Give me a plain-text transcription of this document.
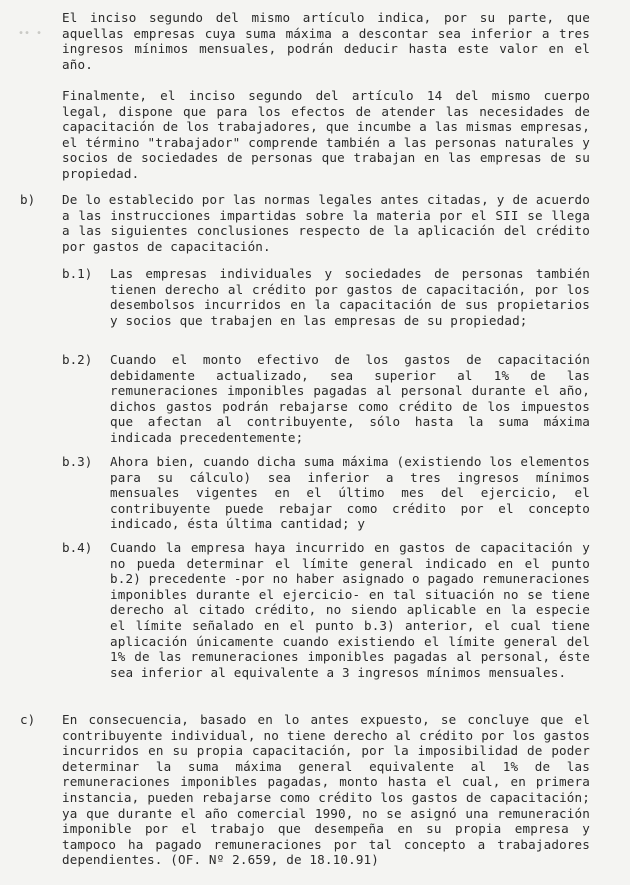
∙∙ ∙

El inciso segundo del mismo artículo indica, por su parte, que aquellas empresas cuya suma máxima a descontar sea inferior a tres ingresos mínimos mensuales, podrán deducir hasta este valor en el año.

Finalmente, el inciso segundo del artículo 14 del mismo cuerpo legal, dispone que para los efectos de atender las necesidades de capacitación de los trabajadores, que incumbe a las mismas empresas, el término "trabajador" comprende también a las personas naturales y socios de sociedades de personas que trabajan en las empresas de su propiedad.

b) De lo establecido por las normas legales antes citadas, y de acuerdo a las instrucciones impartidas sobre la materia por el SII se llega a las siguientes conclusiones respecto de la aplicación del crédito por gastos de capacitación.

b.1) Las empresas individuales y sociedades de personas también tienen derecho al crédito por gastos de capacitación, por los desembolsos incurridos en la capacitación de sus propietarios y socios que trabajen en las empresas de su propiedad;

b.2) Cuando el monto efectivo de los gastos de capacitación debidamente actualizado, sea superior al 1% de las remuneraciones imponibles pagadas al personal durante el año, dichos gastos podrán rebajarse como crédito de los impuestos que afectan al contribuyente, sólo hasta la suma máxima indicada precedentemente;

b.3) Ahora bien, cuando dicha suma máxima (existiendo los elementos para su cálculo) sea inferior a tres ingresos mínimos mensuales vigentes en el último mes del ejercicio, el contribuyente puede rebajar como crédito por el concepto indicado, ésta última cantidad; y

b.4) Cuando la empresa haya incurrido en gastos de capacitación y no pueda determinar el límite general indicado en el punto b.2) precedente -por no haber asignado o pagado remuneraciones imponibles durante el ejercicio- en tal situación no se tiene derecho al citado crédito, no siendo aplicable en la especie el límite señalado en el punto b.3) anterior, el cual tiene aplicación únicamente cuando existiendo el límite general del 1% de las remuneraciones imponibles pagadas al personal, éste sea inferior al equivalente a 3 ingresos mínimos mensuales.

c) En consecuencia, basado en lo antes expuesto, se concluye que el contribuyente individual, no tiene derecho al crédito por los gastos incurridos en su propia capacitación, por la imposibilidad de poder determinar la suma máxima general equivalente al 1% de las remuneraciones imponibles pagadas, monto hasta el cual, en primera instancia, pueden rebajarse como crédito los gastos de capacitación; ya que durante el año comercial 1990, no se asignó una remuneración imponible por el trabajo que desempeña en su propia empresa y tampoco ha pagado remuneraciones por tal concepto a trabajadores dependientes. (OF. Nº 2.659, de 18.10.91)
